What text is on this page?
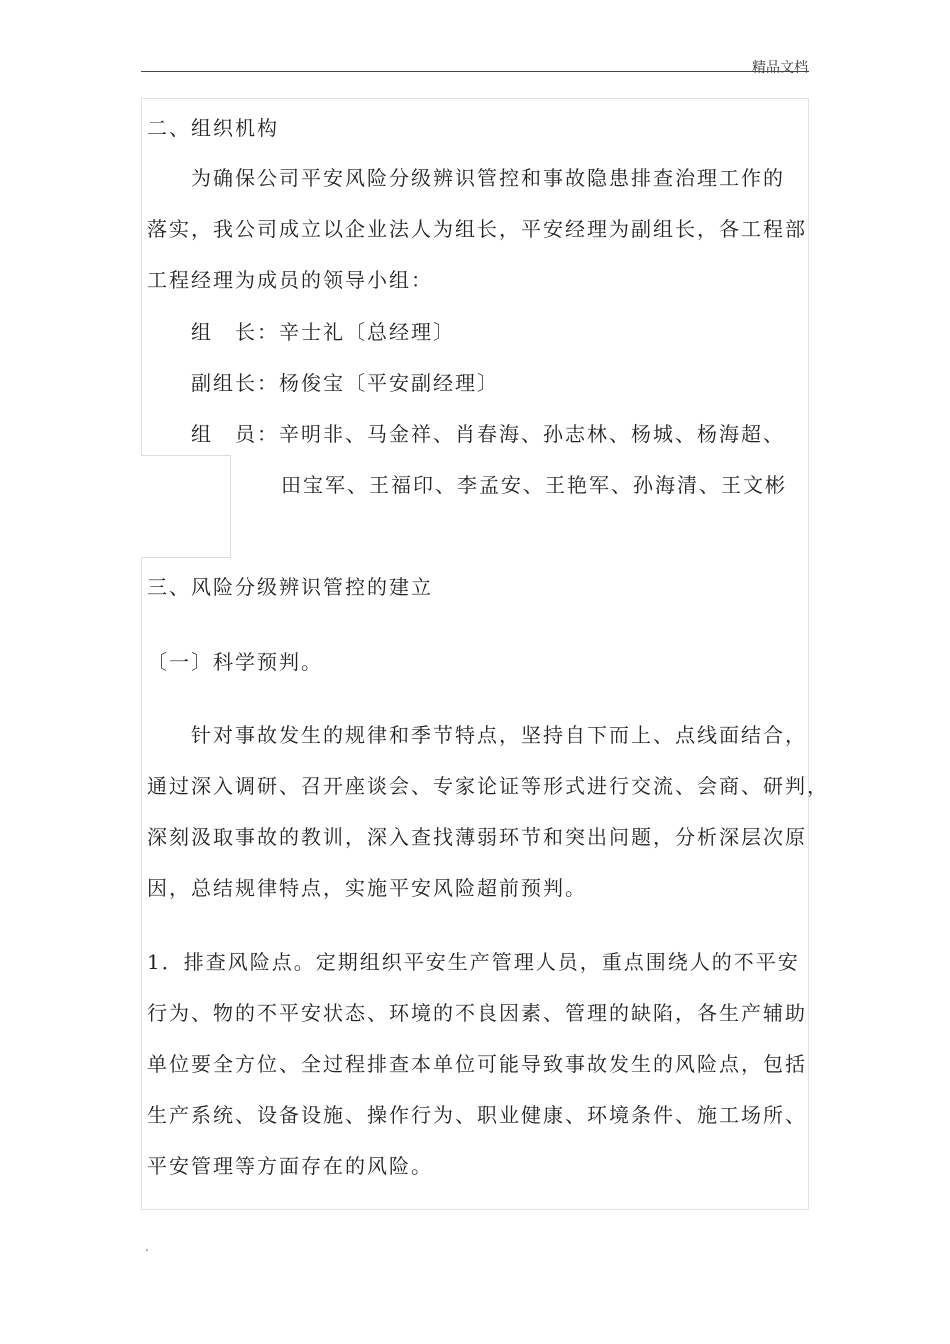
精品文档
二、组织机构
为确保公司平安风险分级辨识管控和事故隐患排查治理工作的
落实，我公司成立以企业法人为组长，平安经理为副组长，各工程部
工程经理为成员的领导小组：
组　长：辛士礼〔总经理〕
副组长：杨俊宝〔平安副经理〕
组　员：辛明非、马金祥、肖春海、孙志林、杨城、杨海超、
田宝军、王福印、李孟安、王艳军、孙海清、王文彬
三、风险分级辨识管控的建立
〔一〕科学预判。
针对事故发生的规律和季节特点，坚持自下而上、点线面结合，
通过深入调研、召开座谈会、专家论证等形式进行交流、会商、研判，
深刻汲取事故的教训，深入查找薄弱环节和突出问题，分析深层次原
因，总结规律特点，实施平安风险超前预判。
1．排查风险点。定期组织平安生产管理人员，重点围绕人的不平安
行为、物的不平安状态、环境的不良因素、管理的缺陷，各生产辅助
单位要全方位、全过程排查本单位可能导致事故发生的风险点，包括
生产系统、设备设施、操作行为、职业健康、环境条件、施工场所、
平安管理等方面存在的风险。
.
